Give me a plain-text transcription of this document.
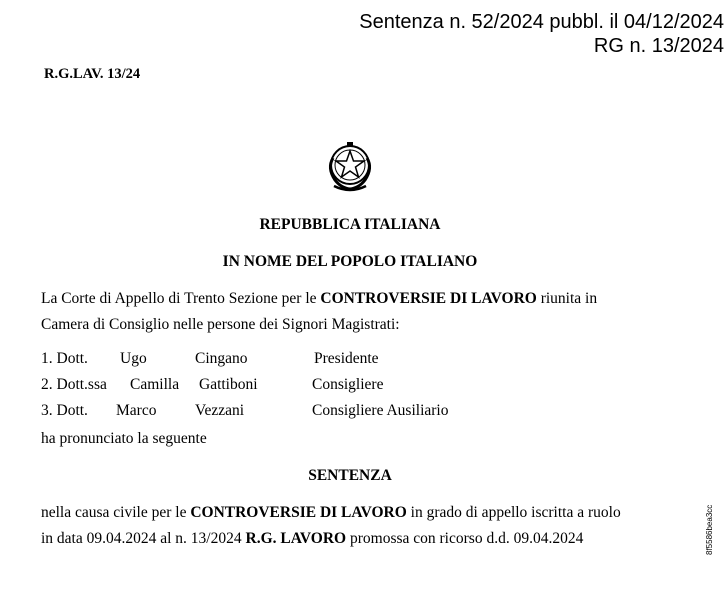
Sentenza n. 52/2024 pubbl. il 04/12/2024
RG n. 13/2024
R.G.LAV. 13/24
REPUBBLICA ITALIANA
IN NOME DEL POPOLO ITALIANO
La Corte di Appello di Trento Sezione per le CONTROVERSIE DI LAVORO riunita in
Camera di Consiglio nelle persone dei Signori Magistrati:
1. Dott. Ugo	Cingano	Presidente
2. Dott.ssa Camilla Gattiboni	Consigliere
3. Dott. Marco Vezzani	Consigliere Ausiliario
ha pronunciato la seguente
SENTENZA
nella causa civile per le CONTROVERSIE DI LAVORO in grado di appello iscritta a ruolo
in data 09.04.2024 al n. 13/2024 R.G. LAVORO promossa con ricorso d.d. 09.04.2024	8f5586bea3cc
